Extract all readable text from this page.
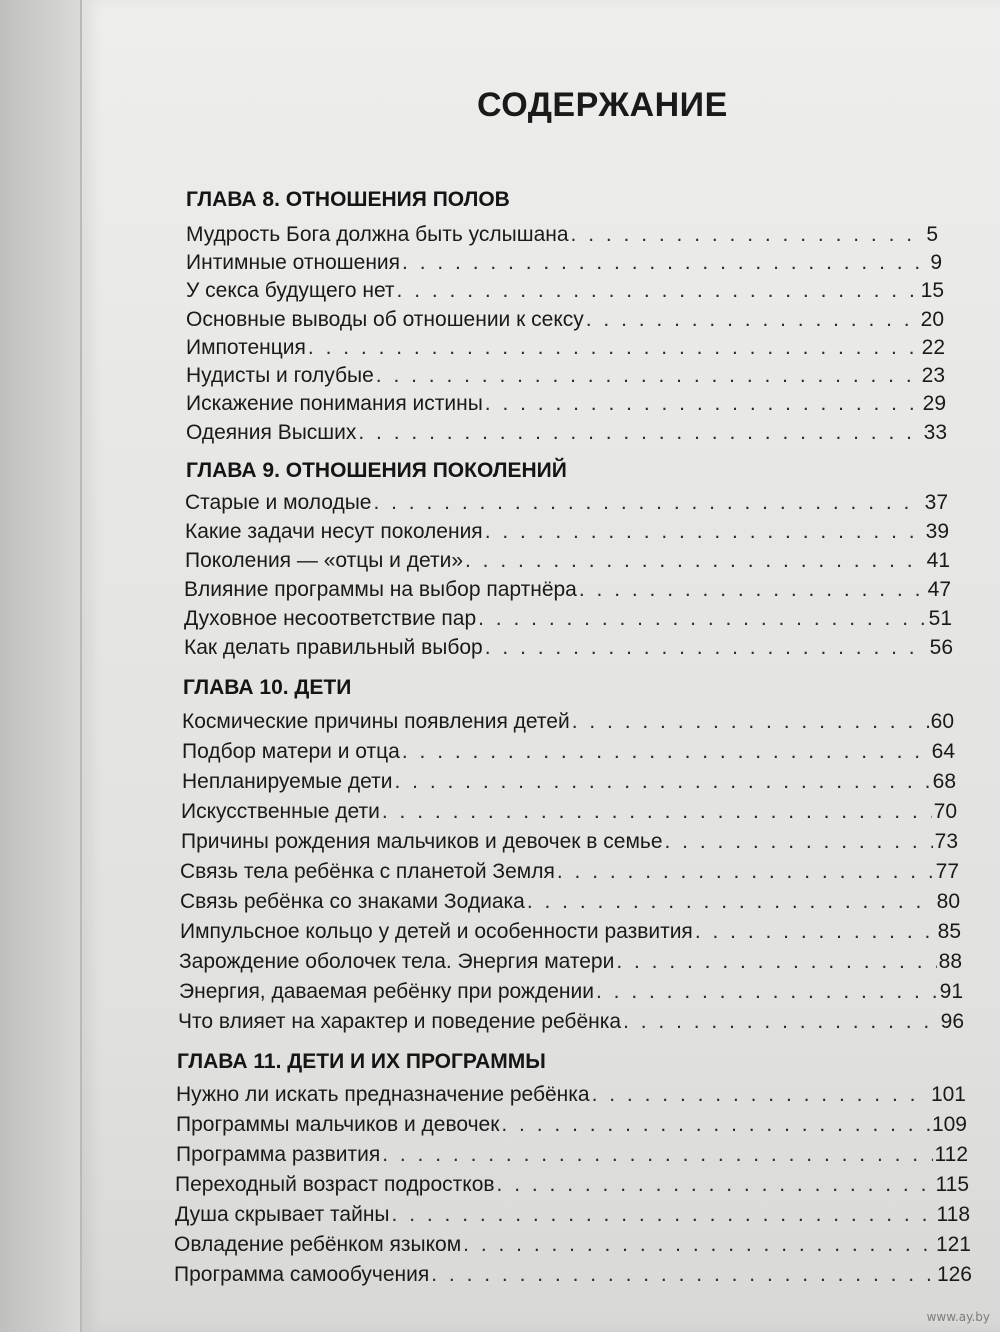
СОДЕРЖАНИЕ
ГЛАВА 8. ОТНОШЕНИЯ ПОЛОВ
Мудрость Бога должна быть услышана . . .	5
Интимные отношения . . .	9
У секса будущего нет . . .	15
Основные выводы об отношении к сексу . . .	20
Импотенция . . .	22
Нудисты и голубые . . .	23
Искажение понимания истины . . .	29
Одеяния Высших . . .	33
ГЛАВА 9. ОТНОШЕНИЯ ПОКОЛЕНИЙ
Старые и молодые . . .	37
Какие задачи несут поколения . . .	39
Поколения — «отцы и дети» . . .	41
Влияние программы на выбор партнёра . . .	47
Духовное несоответствие пар . . .	51
Как делать правильный выбор . . .	56
ГЛАВА 10. ДЕТИ
Космические причины появления детей . . .	60
Подбор матери и отца . . .	64
Непланируемые дети . . .	68
Искусственные дети . . .	70
Причины рождения мальчиков и девочек в семье . . .	73
Связь тела ребёнка с планетой Земля . . .	77
Связь ребёнка со знаками Зодиака . . .	80
Импульсное кольцо у детей и особенности развития . . .	85
Зарождение оболочек тела. Энергия матери . . .	88
Энергия, даваемая ребёнку при рождении . . .	91
Что влияет на характер и поведение ребёнка . . .	96
ГЛАВА 11. ДЕТИ И ИХ ПРОГРАММЫ
Нужно ли искать предназначение ребёнка . . .	101
Программы мальчиков и девочек . . .	109
Программа развития . . .	112
Переходный возраст подростков . . .	115
Душа скрывает тайны . . .	118
Овладение ребёнком языком . . .	121
Программа самообучения . . .	126
www.ay.by
